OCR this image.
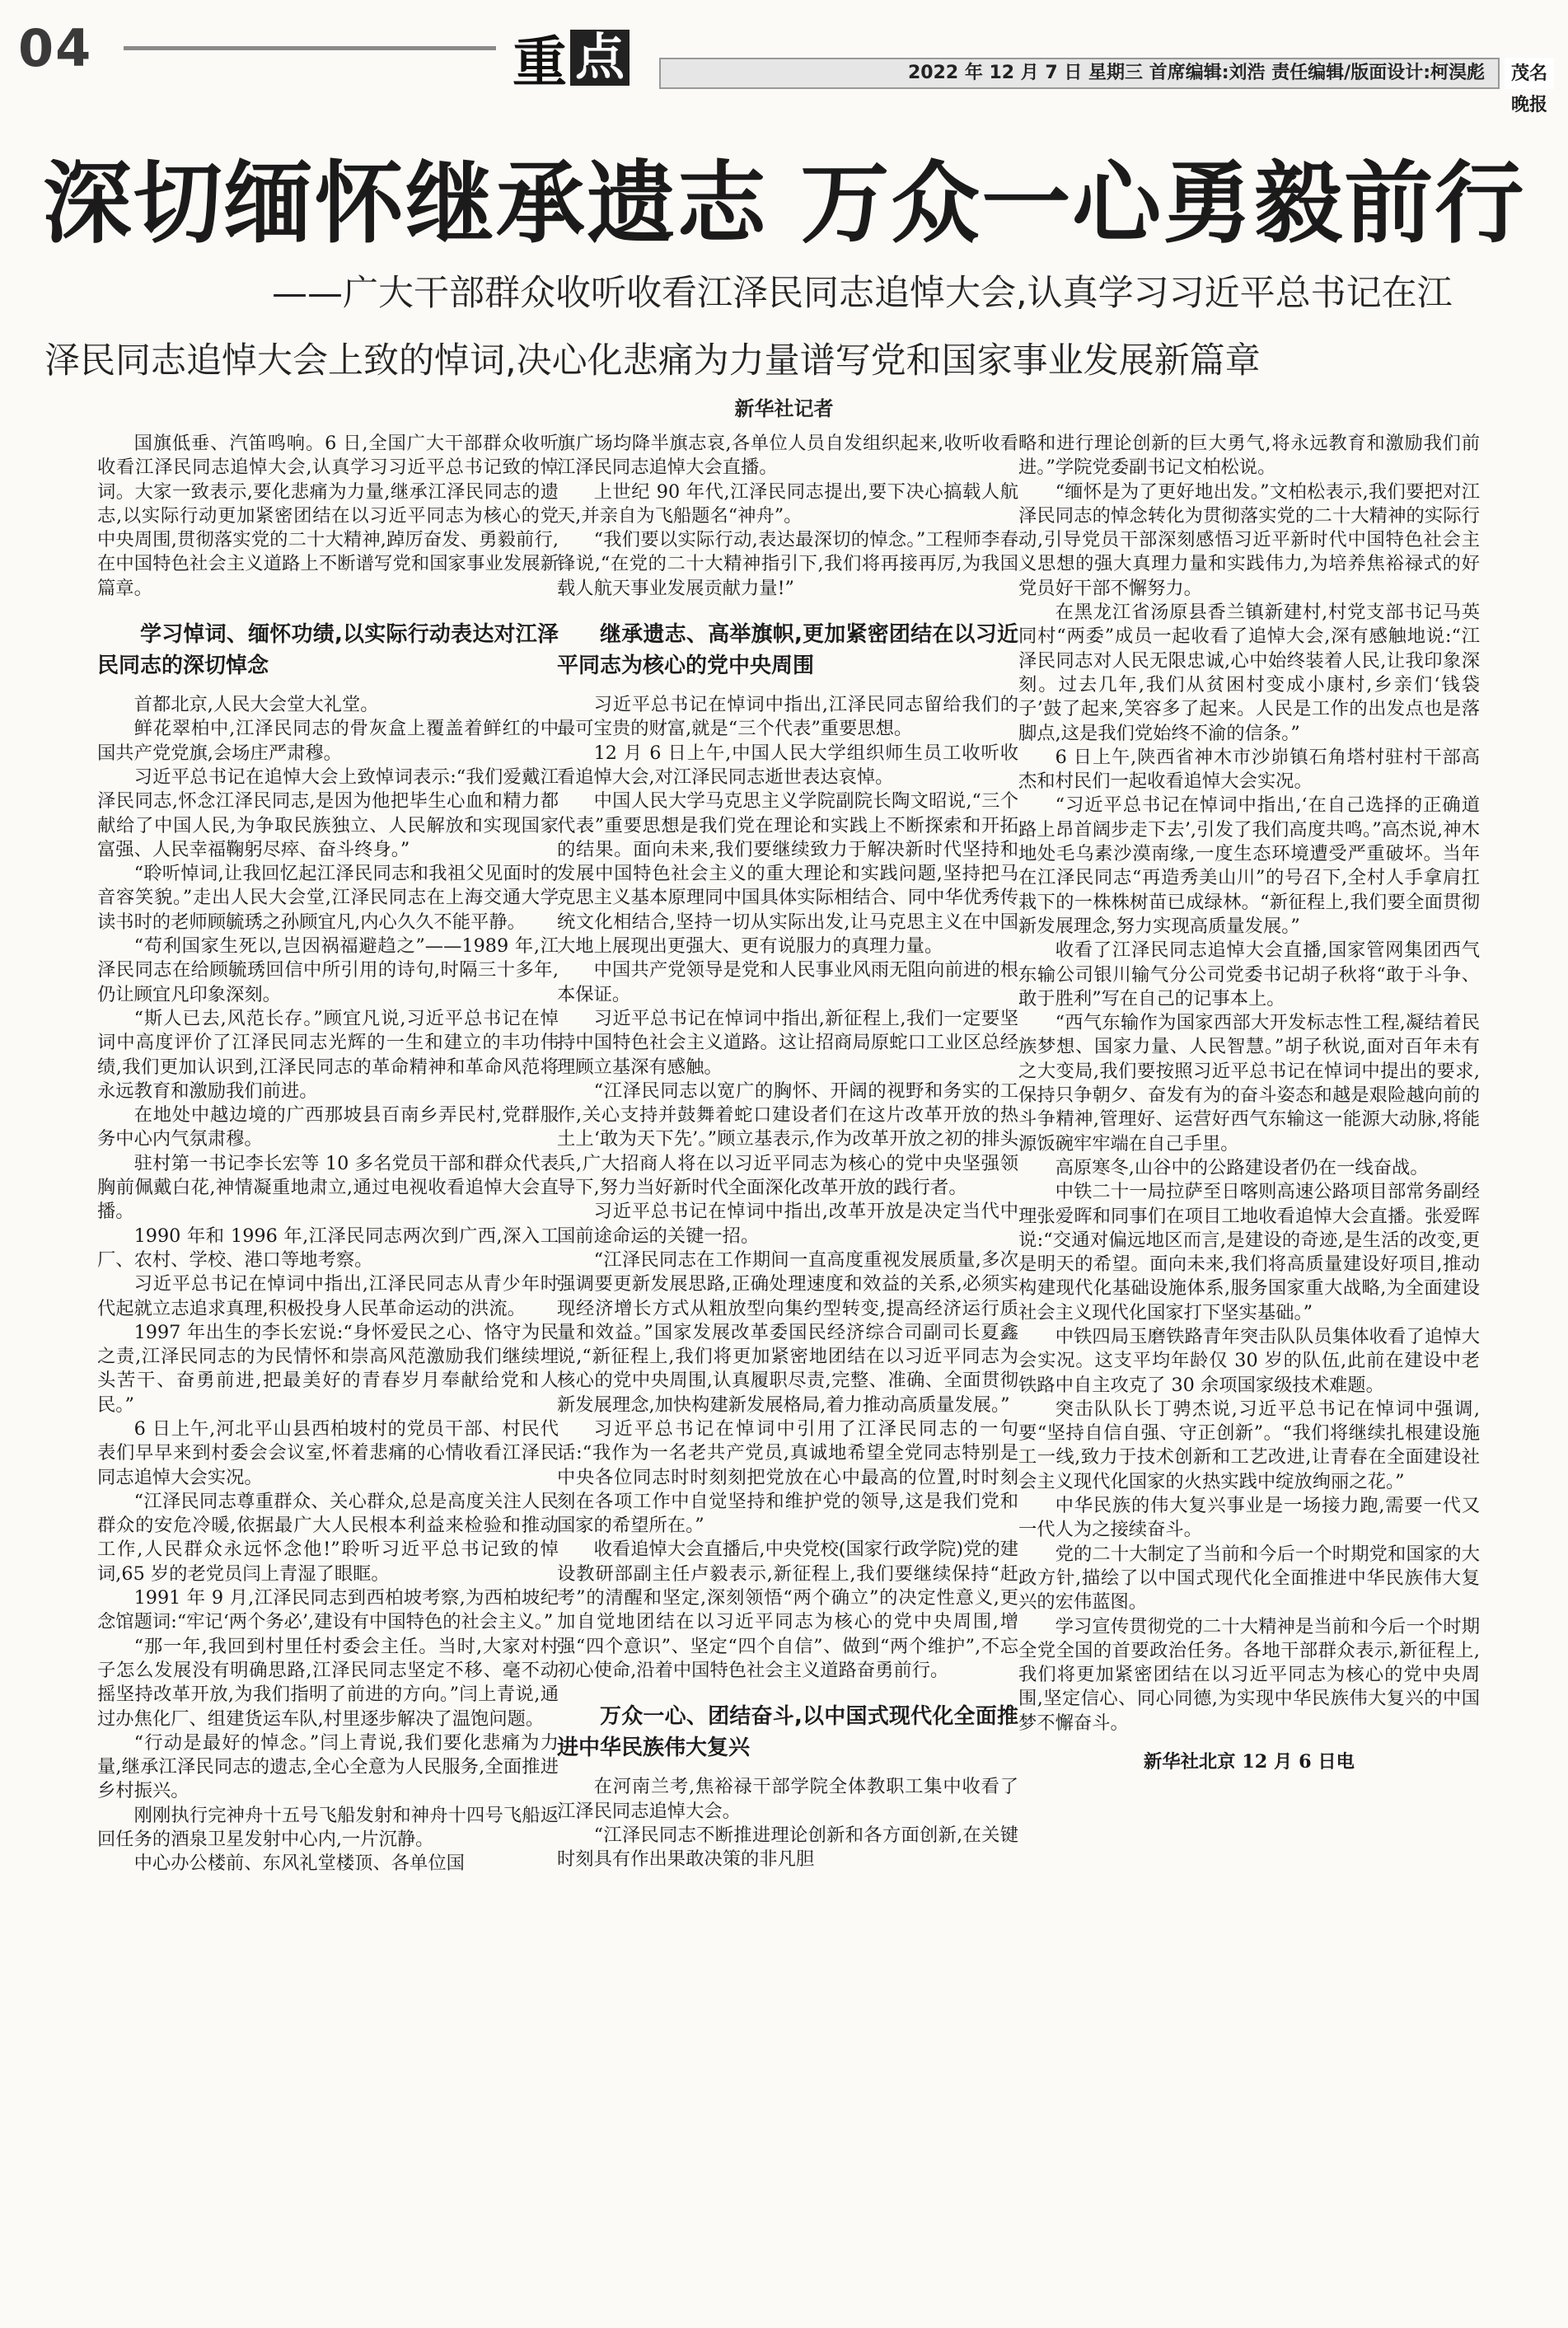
04	重 点	2022 年 12 月 7 日 星期三 首席编辑:刘浩 责任编辑/版面设计:柯淏彪	茂名晚报
深切缅怀继承遗志 万众一心勇毅前行
——广大干部群众收听收看江泽民同志追悼大会,认真学习习近平总书记在江
泽民同志追悼大会上致的悼词,决心化悲痛为力量谱写党和国家事业发展新篇章
新华社记者

国旗低垂、汽笛鸣响。6 日,全国广大干部群众收听收看江泽民同志追悼大会,认真学习习近平总书记致的悼词。大家一致表示,要化悲痛为力量,继承江泽民同志的遗志,以实际行动更加紧密团结在以习近平同志为核心的党中央周围,贯彻落实党的二十大精神,踔厉奋发、勇毅前行,在中国特色社会主义道路上不断谱写党和国家事业发展新篇章。

学习悼词、缅怀功绩,以实际行动表达对江泽民同志的深切悼念

首都北京,人民大会堂大礼堂。

鲜花翠柏中,江泽民同志的骨灰盒上覆盖着鲜红的中国共产党党旗,会场庄严肃穆。

习近平总书记在追悼大会上致悼词表示:“我们爱戴江泽民同志,怀念江泽民同志,是因为他把毕生心血和精力都献给了中国人民,为争取民族独立、人民解放和实现国家富强、人民幸福鞠躬尽瘁、奋斗终身。”

“聆听悼词,让我回忆起江泽民同志和我祖父见面时的音容笑貌。”走出人民大会堂,江泽民同志在上海交通大学读书时的老师顾毓琇之孙顾宜凡,内心久久不能平静。

“苟利国家生死以,岂因祸福避趋之”——1989 年,江泽民同志在给顾毓琇回信中所引用的诗句,时隔三十多年,仍让顾宜凡印象深刻。

“斯人已去,风范长存。”顾宜凡说,习近平总书记在悼词中高度评价了江泽民同志光辉的一生和建立的丰功伟绩,我们更加认识到,江泽民同志的革命精神和革命风范将永远教育和激励我们前进。

在地处中越边境的广西那坡县百南乡弄民村,党群服务中心内气氛肃穆。

驻村第一书记李长宏等 10 多名党员干部和群众代表胸前佩戴白花,神情凝重地肃立,通过电视收看追悼大会直播。

1990 年和 1996 年,江泽民同志两次到广西,深入工厂、农村、学校、港口等地考察。

习近平总书记在悼词中指出,江泽民同志从青少年时代起就立志追求真理,积极投身人民革命运动的洪流。

1997 年出生的李长宏说:“身怀爱民之心、恪守为民之责,江泽民同志的为民情怀和崇高风范激励我们继续埋头苦干、奋勇前进,把最美好的青春岁月奉献给党和人民。”

6 日上午,河北平山县西柏坡村的党员干部、村民代表们早早来到村委会会议室,怀着悲痛的心情收看江泽民同志追悼大会实况。

“江泽民同志尊重群众、关心群众,总是高度关注人民群众的安危冷暖,依据最广大人民根本利益来检验和推动工作,人民群众永远怀念他!”聆听习近平总书记致的悼词,65 岁的老党员闫上青湿了眼眶。

1991 年 9 月,江泽民同志到西柏坡考察,为西柏坡纪念馆题词:“牢记‘两个务必’,建设有中国特色的社会主义。”

“那一年,我回到村里任村委会主任。当时,大家对村子怎么发展没有明确思路,江泽民同志坚定不移、毫不动摇坚持改革开放,为我们指明了前进的方向。”闫上青说,通过办焦化厂、组建货运车队,村里逐步解决了温饱问题。

“行动是最好的悼念。”闫上青说,我们要化悲痛为力量,继承江泽民同志的遗志,全心全意为人民服务,全面推进乡村振兴。

刚刚执行完神舟十五号飞船发射和神舟十四号飞船返回任务的酒泉卫星发射中心内,一片沉静。

中心办公楼前、东风礼堂楼顶、各单位国

旗广场均降半旗志哀,各单位人员自发组织起来,收听收看江泽民同志追悼大会直播。

上世纪 90 年代,江泽民同志提出,要下决心搞载人航天,并亲自为飞船题名“神舟”。

“我们要以实际行动,表达最深切的悼念。”工程师李春锋说,“在党的二十大精神指引下,我们将再接再厉,为我国载人航天事业发展贡献力量!”

继承遗志、高举旗帜,更加紧密团结在以习近平同志为核心的党中央周围

习近平总书记在悼词中指出,江泽民同志留给我们的最可宝贵的财富,就是“三个代表”重要思想。

12 月 6 日上午,中国人民大学组织师生员工收听收看追悼大会,对江泽民同志逝世表达哀悼。

中国人民大学马克思主义学院副院长陶文昭说,“三个代表”重要思想是我们党在理论和实践上不断探索和开拓的结果。面向未来,我们要继续致力于解决新时代坚持和发展中国特色社会主义的重大理论和实践问题,坚持把马克思主义基本原理同中国具体实际相结合、同中华优秀传统文化相结合,坚持一切从实际出发,让马克思主义在中国大地上展现出更强大、更有说服力的真理力量。

中国共产党领导是党和人民事业风雨无阻向前进的根本保证。

习近平总书记在悼词中指出,新征程上,我们一定要坚持中国特色社会主义道路。这让招商局原蛇口工业区总经理顾立基深有感触。

“江泽民同志以宽广的胸怀、开阔的视野和务实的工作,关心支持并鼓舞着蛇口建设者们在这片改革开放的热土上‘敢为天下先’。”顾立基表示,作为改革开放之初的排头兵,广大招商人将在以习近平同志为核心的党中央坚强领导下,努力当好新时代全面深化改革开放的践行者。

习近平总书记在悼词中指出,改革开放是决定当代中国前途命运的关键一招。

“江泽民同志在工作期间一直高度重视发展质量,多次强调要更新发展思路,正确处理速度和效益的关系,必须实现经济增长方式从粗放型向集约型转变,提高经济运行质量和效益。”国家发展改革委国民经济综合司副司长夏鑫说,“新征程上,我们将更加紧密地团结在以习近平同志为核心的党中央周围,认真履职尽责,完整、准确、全面贯彻新发展理念,加快构建新发展格局,着力推动高质量发展。”

习近平总书记在悼词中引用了江泽民同志的一句话:“我作为一名老共产党员,真诚地希望全党同志特别是中央各位同志时时刻刻把党放在心中最高的位置,时时刻刻在各项工作中自觉坚持和维护党的领导,这是我们党和国家的希望所在。”

收看追悼大会直播后,中央党校(国家行政学院)党的建设教研部副主任卢毅表示,新征程上,我们要继续保持“赶考”的清醒和坚定,深刻领悟“两个确立”的决定性意义,更加自觉地团结在以习近平同志为核心的党中央周围,增强“四个意识”、坚定“四个自信”、做到“两个维护”,不忘初心使命,沿着中国特色社会主义道路奋勇前行。

万众一心、团结奋斗,以中国式现代化全面推进中华民族伟大复兴

在河南兰考,焦裕禄干部学院全体教职工集中收看了江泽民同志追悼大会。

“江泽民同志不断推进理论创新和各方面创新,在关键时刻具有作出果敢决策的非凡胆

略和进行理论创新的巨大勇气,将永远教育和激励我们前进。”学院党委副书记文柏松说。

“缅怀是为了更好地出发。”文柏松表示,我们要把对江泽民同志的悼念转化为贯彻落实党的二十大精神的实际行动,引导党员干部深刻感悟习近平新时代中国特色社会主义思想的强大真理力量和实践伟力,为培养焦裕禄式的好党员好干部不懈努力。

在黑龙江省汤原县香兰镇新建村,村党支部书记马英同村“两委”成员一起收看了追悼大会,深有感触地说:“江泽民同志对人民无限忠诚,心中始终装着人民,让我印象深刻。过去几年,我们从贫困村变成小康村,乡亲们‘钱袋子’鼓了起来,笑容多了起来。人民是工作的出发点也是落脚点,这是我们党始终不渝的信条。”

6 日上午,陕西省神木市沙峁镇石角塔村驻村干部高杰和村民们一起收看追悼大会实况。

“习近平总书记在悼词中指出,‘在自己选择的正确道路上昂首阔步走下去’,引发了我们高度共鸣。”高杰说,神木地处毛乌素沙漠南缘,一度生态环境遭受严重破坏。当年在江泽民同志“再造秀美山川”的号召下,全村人手拿肩扛栽下的一株株树苗已成绿林。“新征程上,我们要全面贯彻新发展理念,努力实现高质量发展。”

收看了江泽民同志追悼大会直播,国家管网集团西气东输公司银川输气分公司党委书记胡子秋将“敢于斗争、敢于胜利”写在自己的记事本上。

“西气东输作为国家西部大开发标志性工程,凝结着民族梦想、国家力量、人民智慧。”胡子秋说,面对百年未有之大变局,我们要按照习近平总书记在悼词中提出的要求,保持只争朝夕、奋发有为的奋斗姿态和越是艰险越向前的斗争精神,管理好、运营好西气东输这一能源大动脉,将能源饭碗牢牢端在自己手里。

高原寒冬,山谷中的公路建设者仍在一线奋战。

中铁二十一局拉萨至日喀则高速公路项目部常务副经理张爱晖和同事们在项目工地收看追悼大会直播。张爱晖说:“交通对偏远地区而言,是建设的奇迹,是生活的改变,更是明天的希望。面向未来,我们将高质量建设好项目,推动构建现代化基础设施体系,服务国家重大战略,为全面建设社会主义现代化国家打下坚实基础。”

中铁四局玉磨铁路青年突击队队员集体收看了追悼大会实况。这支平均年龄仅 30 岁的队伍,此前在建设中老铁路中自主攻克了 30 余项国家级技术难题。

突击队队长丁骋杰说,习近平总书记在悼词中强调,要“坚持自信自强、守正创新”。“我们将继续扎根建设施工一线,致力于技术创新和工艺改进,让青春在全面建设社会主义现代化国家的火热实践中绽放绚丽之花。”

中华民族的伟大复兴事业是一场接力跑,需要一代又一代人为之接续奋斗。

党的二十大制定了当前和今后一个时期党和国家的大政方针,描绘了以中国式现代化全面推进中华民族伟大复兴的宏伟蓝图。

学习宣传贯彻党的二十大精神是当前和今后一个时期全党全国的首要政治任务。各地干部群众表示,新征程上,我们将更加紧密团结在以习近平同志为核心的党中央周围,坚定信心、同心同德,为实现中华民族伟大复兴的中国梦不懈奋斗。

新华社北京 12 月 6 日电
